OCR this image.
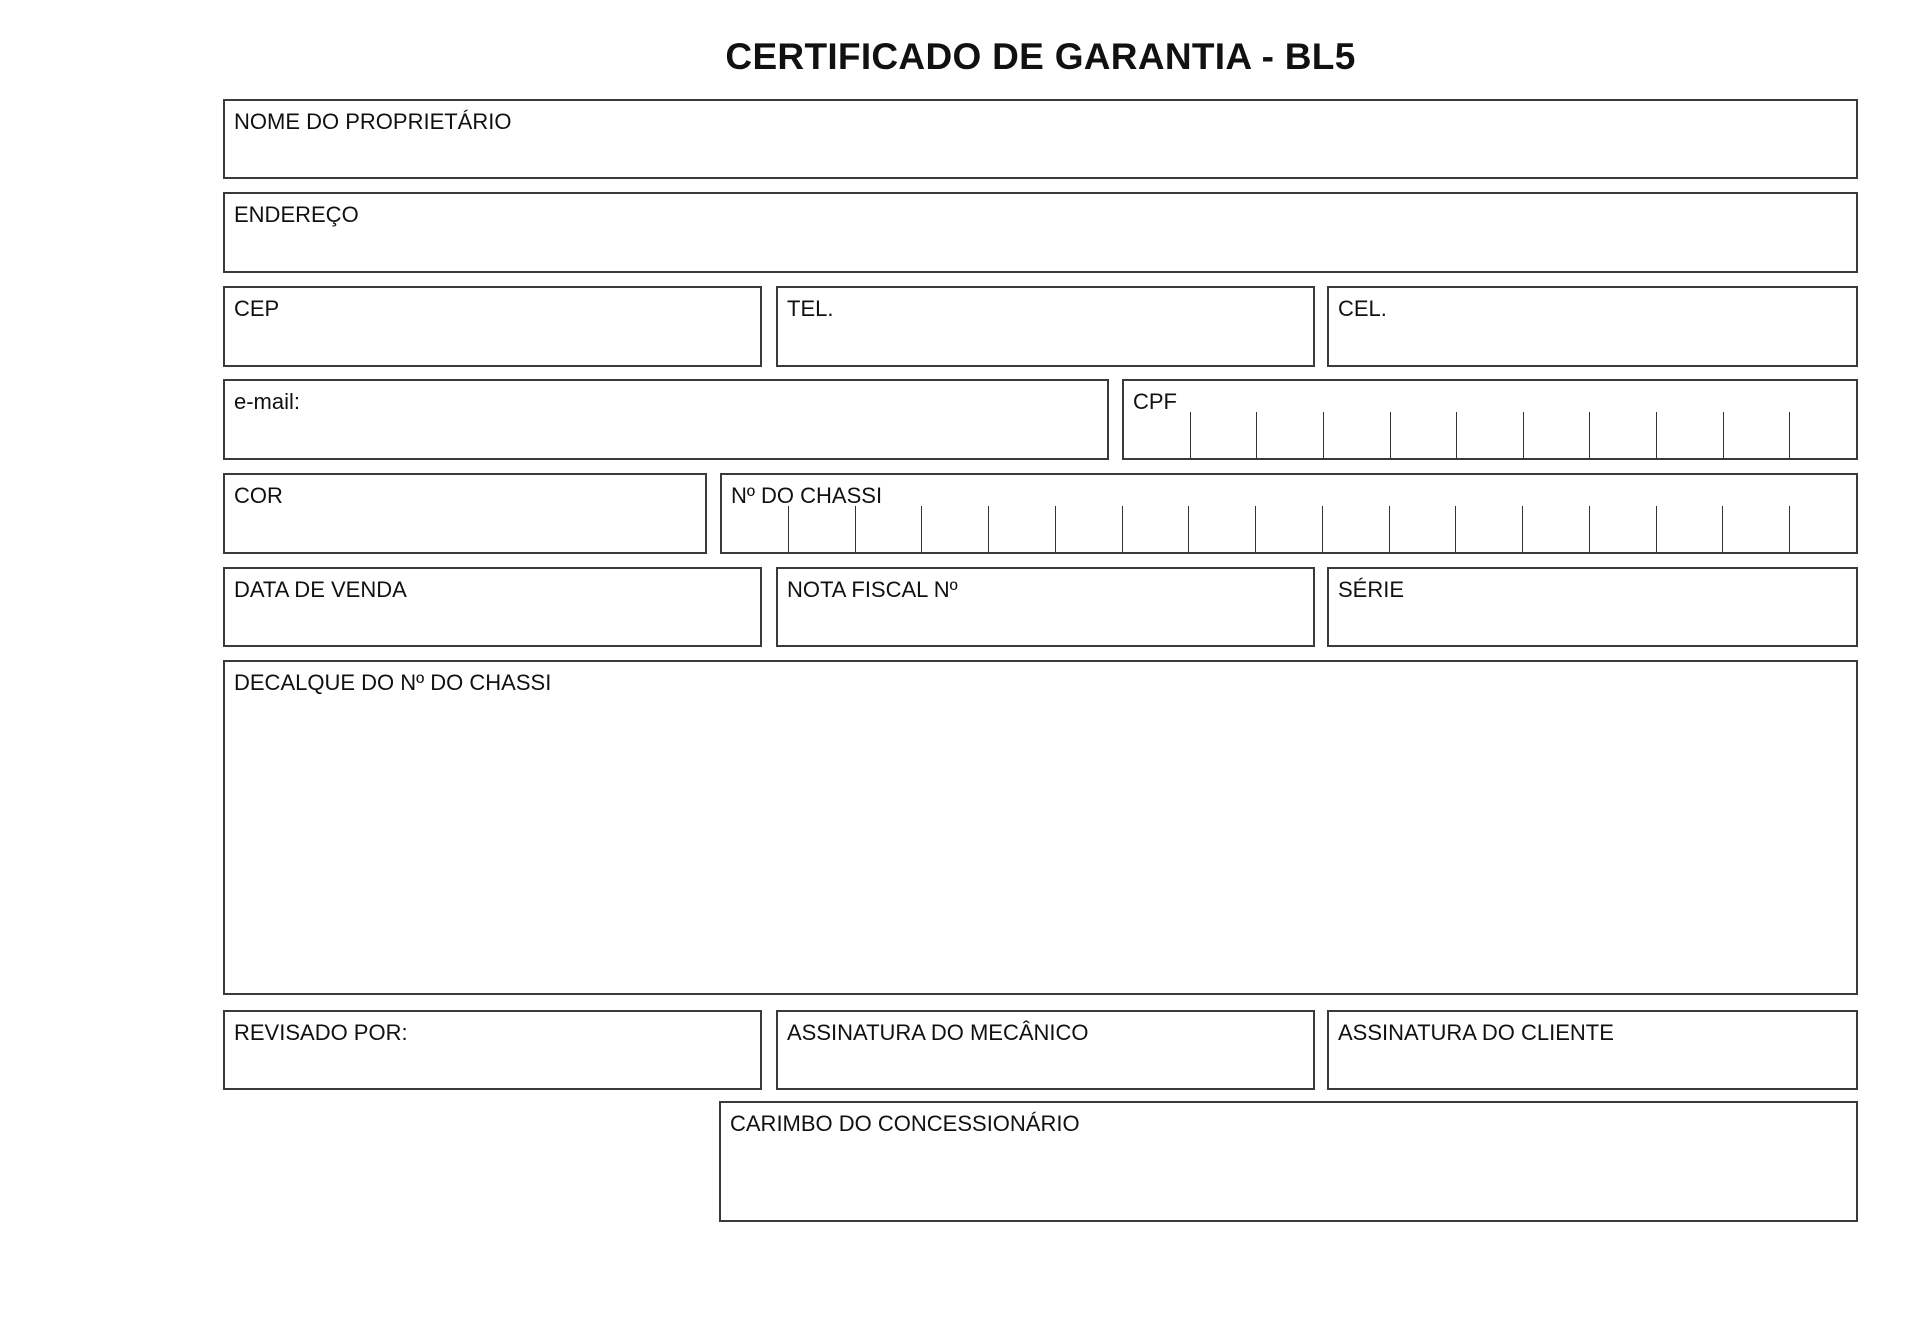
CERTIFICADO DE GARANTIA - BL5
NOME DO PROPRIETÁRIO
ENDEREÇO
CEP	TEL.	CEL.
e-mail:	CPF
COR	Nº DO CHASSI
DATA DE VENDA	NOTA FISCAL Nº	SÉRIE
DECALQUE DO Nº DO CHASSI
REVISADO POR:	ASSINATURA DO MECÂNICO	ASSINATURA DO CLIENTE
CARIMBO DO CONCESSIONÁRIO
